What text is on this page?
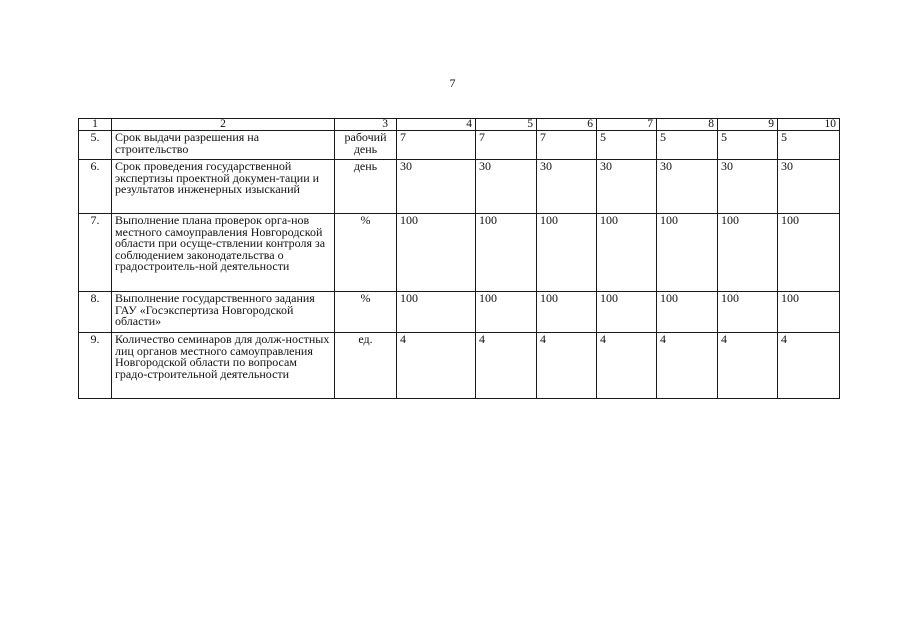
7
1	2	3	4	5	6	7	8	9	10
5.	Срок выдачи разрешения на строительство	рабочий день	7	7	7	5	5	5	5
6.	Срок проведения государственной экспертизы проектной докумен-тации и результатов инженерных изысканий	день	30	30	30	30	30	30	30
7.	Выполнение плана проверок орга-нов местного самоуправления Новгородской области при осуще-ствлении контроля за соблюдением законодательства о градостроитель-ной деятельности	%	100	100	100	100	100	100	100
8.	Выполнение государственного задания ГАУ «Госэкспертиза Новгородской области»	%	100	100	100	100	100	100	100
9.	Количество семинаров для долж-ностных лиц органов местного самоуправления Новгородской области по вопросам градо-строительной деятельности	ед.	4	4	4	4	4	4	4
